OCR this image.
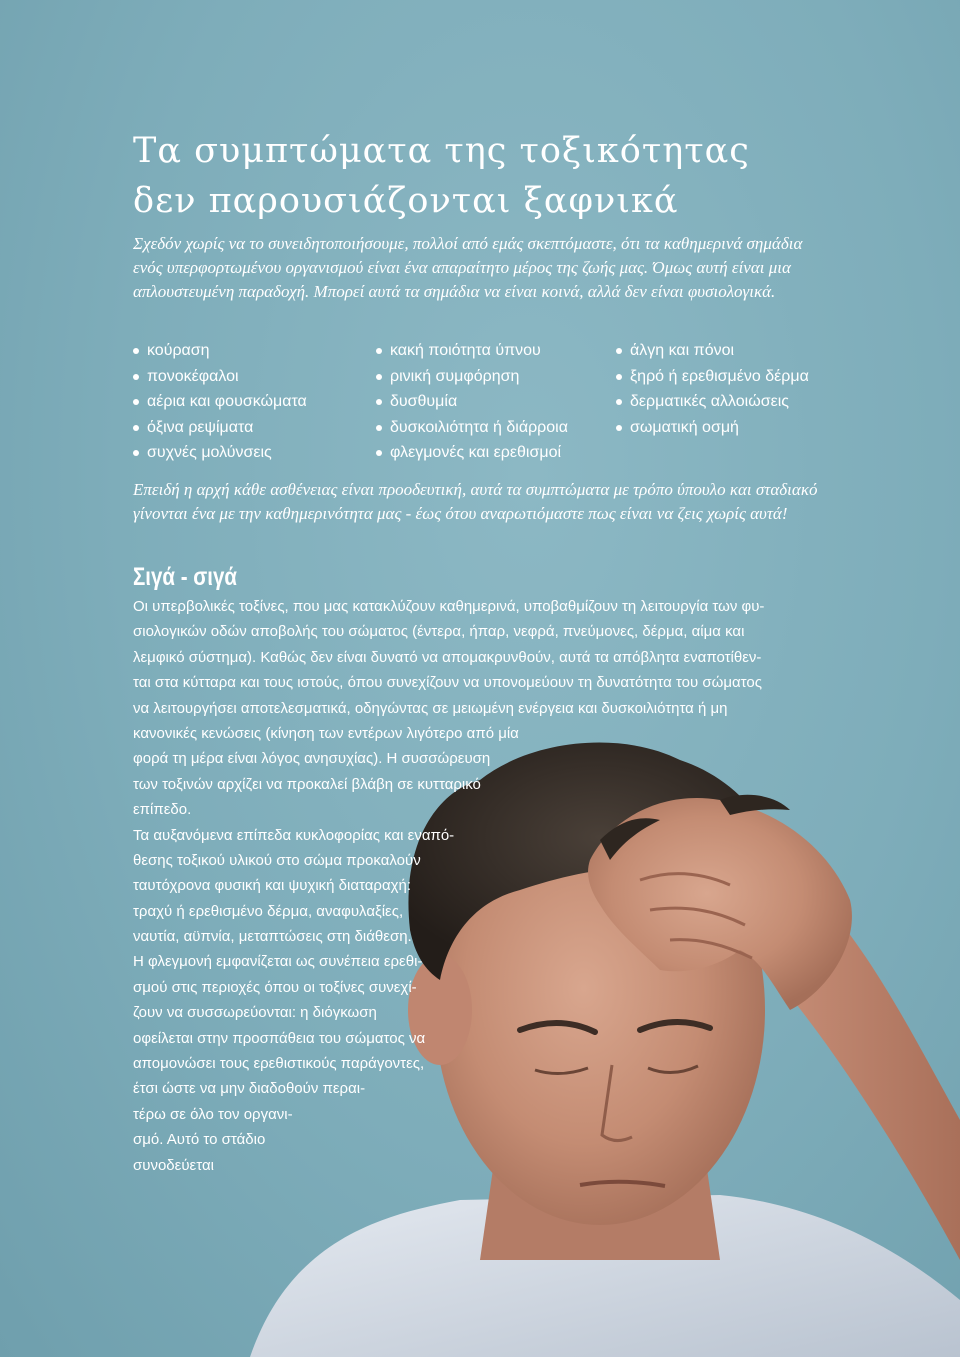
Τα συμπτώματα της τοξικότητας
δεν παρουσιάζονται ξαφνικά

Σχεδόν χωρίς να το συνειδητοποιήσουμε, πολλοί από εμάς σκεπτόμαστε, ότι τα καθημερινά σημάδια ενός υπερφορτωμένου οργανισμού είναι ένα απαραίτητο μέρος της ζωής μας. Όμως αυτή είναι μια απλουστευμένη παραδοχή. Μπορεί αυτά τα σημάδια να είναι κοινά, αλλά δεν είναι φυσιολογικά.

κούραση
πονοκέφαλοι
αέρια και φουσκώματα
όξινα ρεψίματα
συχνές μολύνσεις
κακή ποιότητα ύπνου
ρινική συμφόρηση
δυσθυμία
δυσκοιλιότητα ή διάρροια
φλεγμονές και ερεθισμοί
άλγη και πόνοι
ξηρό ή ερεθισμένο δέρμα
δερματικές αλλοιώσεις
σωματική οσμή

Επειδή η αρχή κάθε ασθένειας είναι προοδευτική, αυτά τα συμπτώματα με τρόπο ύπουλο και σταδιακό γίνονται ένα με την καθημερινότητα μας - έως ότου αναρωτιόμαστε πως είναι να ζεις χωρίς αυτά!

Σιγά - σιγά
Οι υπερβολικές τοξίνες, που μας κατακλύζουν καθημερινά, υποβαθμίζουν τη λειτουργία των φυ-
σιολογικών οδών αποβολής του σώματος (έντερα, ήπαρ, νεφρά, πνεύμονες, δέρμα, αίμα και
λεμφικό σύστημα). Καθώς δεν είναι δυνατό να απομακρυνθούν, αυτά τα απόβλητα εναποτίθεν-
ται στα κύτταρα και τους ιστούς, όπου συνεχίζουν να υπονομεύουν τη δυνατότητα του σώματος
να λειτουργήσει αποτελεσματικά, οδηγώντας σε μειωμένη ενέργεια και δυσκοιλιότητα ή μη
κανονικές κενώσεις (κίνηση των εντέρων λιγότερο από μία
φορά τη μέρα είναι λόγος ανησυχίας). Η συσσώρευση
των τοξινών αρχίζει να προκαλεί βλάβη σε κυτταρικό
επίπεδο.
Τα αυξανόμενα επίπεδα κυκλοφορίας και εναπό-
θεσης τοξικού υλικού στο σώμα προκαλούν
ταυτόχρονα φυσική και ψυχική διαταραχή:
τραχύ ή ερεθισμένο δέρμα, αναφυλαξίες,
ναυτία, αϋπνία, μεταπτώσεις στη διάθεση.
Η φλεγμονή εμφανίζεται ως συνέπεια ερεθι-
σμού στις περιοχές όπου οι τοξίνες συνεχί-
ζουν να συσσωρεύονται: η διόγκωση
οφείλεται στην προσπάθεια του σώματος να
απομονώσει τους ερεθιστικούς παράγοντες,
έτσι ώστε να μην διαδοθούν περαι-
τέρω σε όλο τον οργανι-
σμό. Αυτό το στάδιο
συνοδεύεται
